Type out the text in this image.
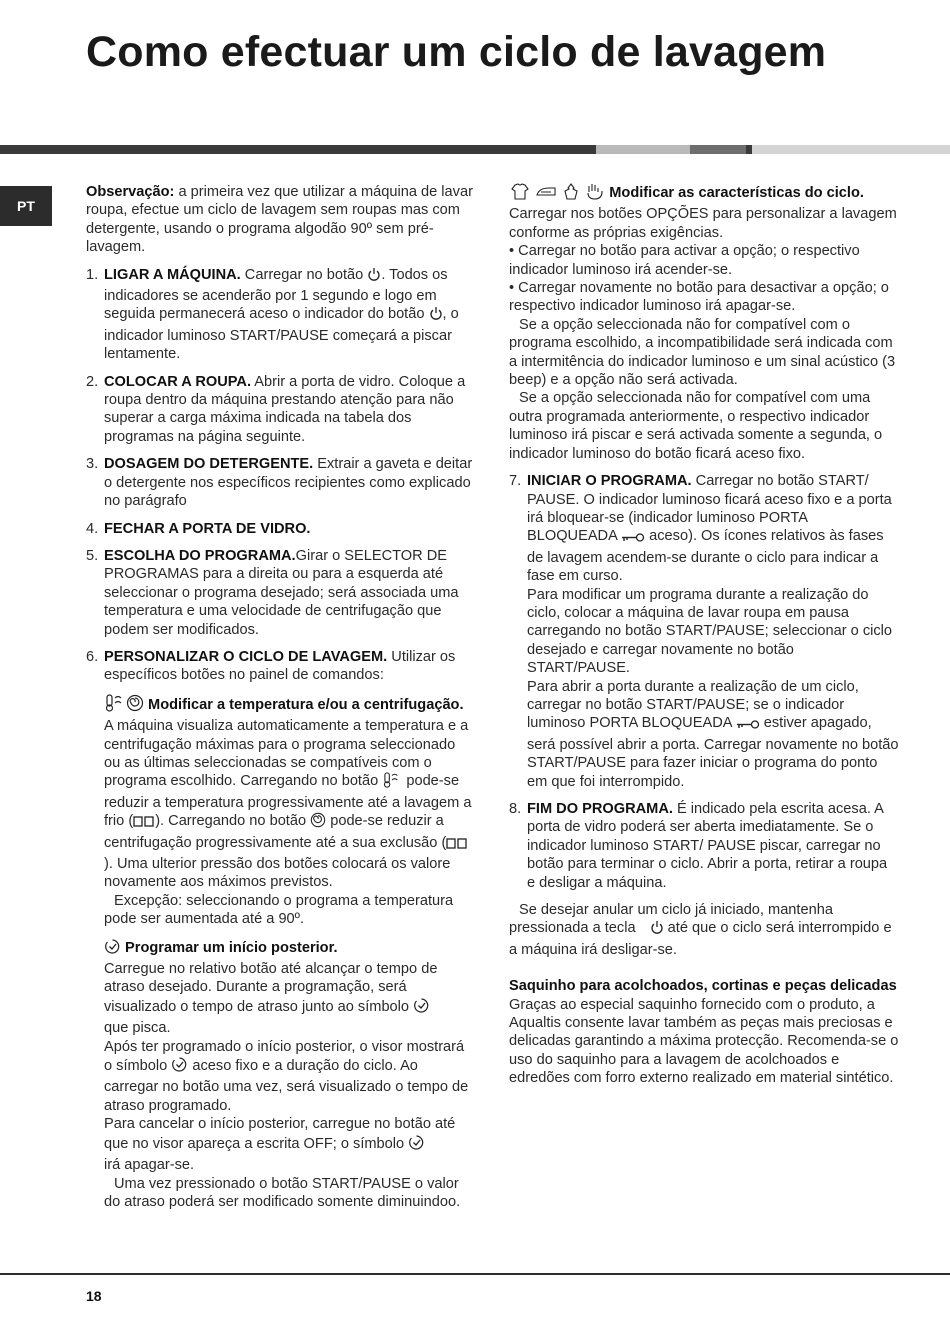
Como efectuar um ciclo de lavagem
PT

Observação: a primeira vez que utilizar a máquina de lavar roupa, efectue um ciclo de lavagem sem roupas mas com detergente, usando o programa algodão 90º sem pré-lavagem.

1. LIGAR A MÁQUINA. Carregar no botão . Todos os indicadores se acenderão por 1 segundo e logo em seguida permanecerá aceso o indicador do botão , o indicador luminoso START/PAUSE começará a piscar lentamente.
2. COLOCAR A ROUPA. Abrir a porta de vidro. Coloque a roupa dentro da máquina prestando atenção para não superar a carga máxima indicada na tabela dos programas na página seguinte.
3. DOSAGEM DO DETERGENTE. Extrair a gaveta e deitar o detergente nos específicos recipientes como explicado no parágrafo
4. FECHAR A PORTA DE VIDRO.
5. ESCOLHA DO PROGRAMA.Girar o SELECTOR DE PROGRAMAS para a direita ou para a esquerda até seleccionar o programa desejado; será associada uma temperatura e uma velocidade de centrifugação que podem ser modificados.
6. PERSONALIZAR O CICLO DE LAVAGEM. Utilizar os específicos botões no painel de comandos:

Modificar a temperatura e/ou a centrifugação.

A máquina visualiza automaticamente a temperatura e a centrifugação máximas para o programa seleccionado ou as últimas seleccionadas se compatíveis com o programa escolhido. Carregando no botão  pode-se reduzir a temperatura progressivamente até a lavagem a frio ( ). Carregando no botão  pode-se reduzir a centrifugação progressivamente até a sua exclusão (). Uma ulterior pressão dos botões colocará os valore novamente aos máximos previstos.

Excepção: seleccionando o programa a temperatura pode ser aumentada até a 90º.

Programar um início posterior.

Carregue no relativo botão até alcançar o tempo de atraso desejado. Durante a programação, será visualizado o tempo de atraso junto ao símbolo
que pisca.

Após ter programado o início posterior, o visor mostrará o símbolo  aceso fixo e a duração do ciclo. Ao carregar no botão uma vez, será visualizado o tempo de atraso programado.

Para cancelar o início posterior, carregue no botão até que no visor apareça a escrita OFF; o símbolo
irá apagar-se.

Uma vez pressionado o botão START/PAUSE o valor do atraso poderá ser modificado somente diminuindoo.

Modificar as características do ciclo.

Carregar nos botões OPÇÕES para personalizar a lavagem conforme as próprias exigências.

• Carregar no botão para activar a opção; o respectivo indicador luminoso irá acender-se.

• Carregar novamente no botão para desactivar a opção; o respectivo indicador luminoso irá apagar-se.

Se a opção seleccionada não for compatível com o programa escolhido, a incompatibilidade será indicada com a intermitência do indicador luminoso e um sinal acústico (3 beep) e a opção não será activada.

Se a opção seleccionada não for compatível com uma outra programada anteriormente, o respectivo indicador luminoso irá piscar e será activada somente a segunda, o indicador luminoso do botão ficará aceso fixo.

7. INICIAR O PROGRAMA. Carregar no botão START/ PAUSE. O indicador luminoso ficará aceso fixo e a porta irá bloquear-se (indicador luminoso PORTA BLOQUEADA  aceso). Os ícones relativos às fases de lavagem acendem-se durante o ciclo para indicar a fase em curso.

Para modificar um programa durante a realização do ciclo, colocar a máquina de lavar roupa em pausa carregando no botão START/PAUSE; seleccionar o ciclo desejado e carregar novamente no botão START/PAUSE.

Para abrir a porta durante a realização de um ciclo, carregar no botão START/PAUSE; se o indicador luminoso PORTA BLOQUEADA  estiver apagado, será possível abrir a porta. Carregar novamente no botão START/PAUSE para fazer iniciar o programa do ponto em que foi interrompido.

8. FIM DO PROGRAMA. É indicado pela escrita acesa. A porta de vidro poderá ser aberta imediatamente. Se o indicador luminoso START/ PAUSE piscar, carregar no botão para terminar o ciclo. Abrir a porta, retirar a roupa e desligar a máquina.

Se desejar anular um ciclo já iniciado, mantenha pressionada a tecla  até que o ciclo será interrompido e a máquina irá desligar-se.

Saquinho para acolchoados, cortinas e peças delicadas

Graças ao especial saquinho fornecido com o produto, a Aqualtis consente lavar também as peças mais preciosas e delicadas garantindo a máxima protecção. Recomenda-se o uso do saquinho para a lavagem de acolchoados e edredões com forro externo realizado em material sintético.

18
